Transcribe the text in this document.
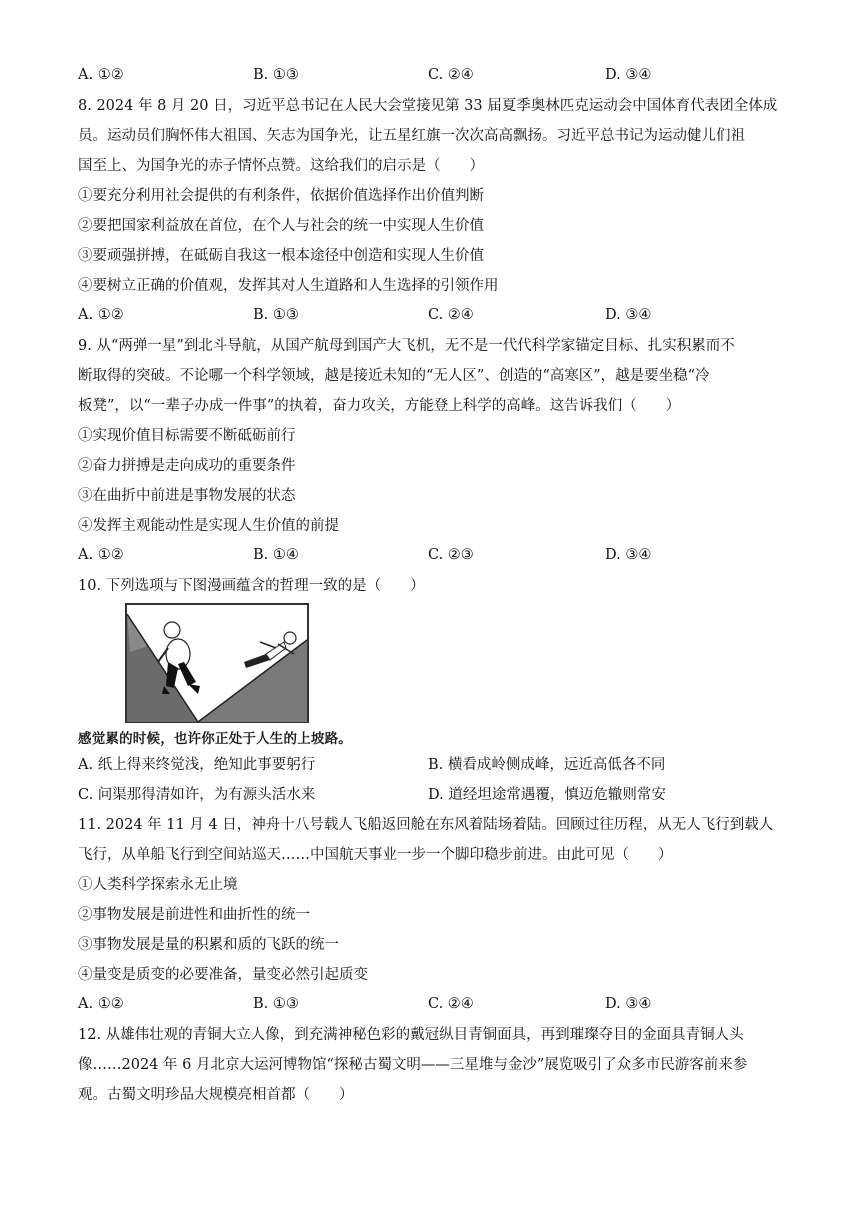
A. ①②	B. ①③	C. ②④	D. ③④
8. 2024 年 8 月 20 日，习近平总书记在人民大会堂接见第 33 届夏季奥林匹克运动会中国体育代表团全体成
员。运动员们胸怀伟大祖国、矢志为国争光，让五星红旗一次次高高飘扬。习近平总书记为运动健儿们祖
国至上、为国争光的赤子情怀点赞。这给我们的启示是（　　）
①要充分利用社会提供的有利条件，依据价值选择作出价值判断
②要把国家利益放在首位，在个人与社会的统一中实现人生价值
③要顽强拼搏，在砥砺自我这一根本途径中创造和实现人生价值
④要树立正确的价值观，发挥其对人生道路和人生选择的引领作用
A. ①②	B. ①③	C. ②④	D. ③④
9. 从“两弹一星”到北斗导航，从国产航母到国产大飞机，无不是一代代科学家锚定目标、扎实积累而不
断取得的突破。不论哪一个科学领域，越是接近未知的“无人区”、创造的“高寒区”，越是要坐稳“冷
板凳”，以“一辈子办成一件事”的执着，奋力攻关，方能登上科学的高峰。这告诉我们（　　）
①实现价值目标需要不断砥砺前行
②奋力拼搏是走向成功的重要条件
③在曲折中前进是事物发展的状态
④发挥主观能动性是实现人生价值的前提
A. ①②	B. ①④	C. ②③	D. ③④
10. 下列选项与下图漫画蕴含的哲理一致的是（　　）
感觉累的时候，也许你正处于人生的上坡路。
A. 纸上得来终觉浅，绝知此事要躬行	B. 横看成岭侧成峰，远近高低各不同
C. 问渠那得清如许，为有源头活水来	D. 道经坦途常遇覆，慎迈危辙则常安
11. 2024 年 11 月 4 日，神舟十八号载人飞船返回舱在东风着陆场着陆。回顾过往历程，从无人飞行到载人
飞行，从单船飞行到空间站巡天……中国航天事业一步一个脚印稳步前进。由此可见（　　）
①人类科学探索永无止境
②事物发展是前进性和曲折性的统一
③事物发展是量的积累和质的飞跃的统一
④量变是质变的必要准备，量变必然引起质变
A. ①②	B. ①③	C. ②④	D. ③④
12. 从雄伟壮观的青铜大立人像，到充满神秘色彩的戴冠纵目青铜面具，再到璀璨夺目的金面具青铜人头
像……2024 年 6 月北京大运河博物馆“探秘古蜀文明——三星堆与金沙”展览吸引了众多市民游客前来参
观。古蜀文明珍品大规模亮相首都（　　）
